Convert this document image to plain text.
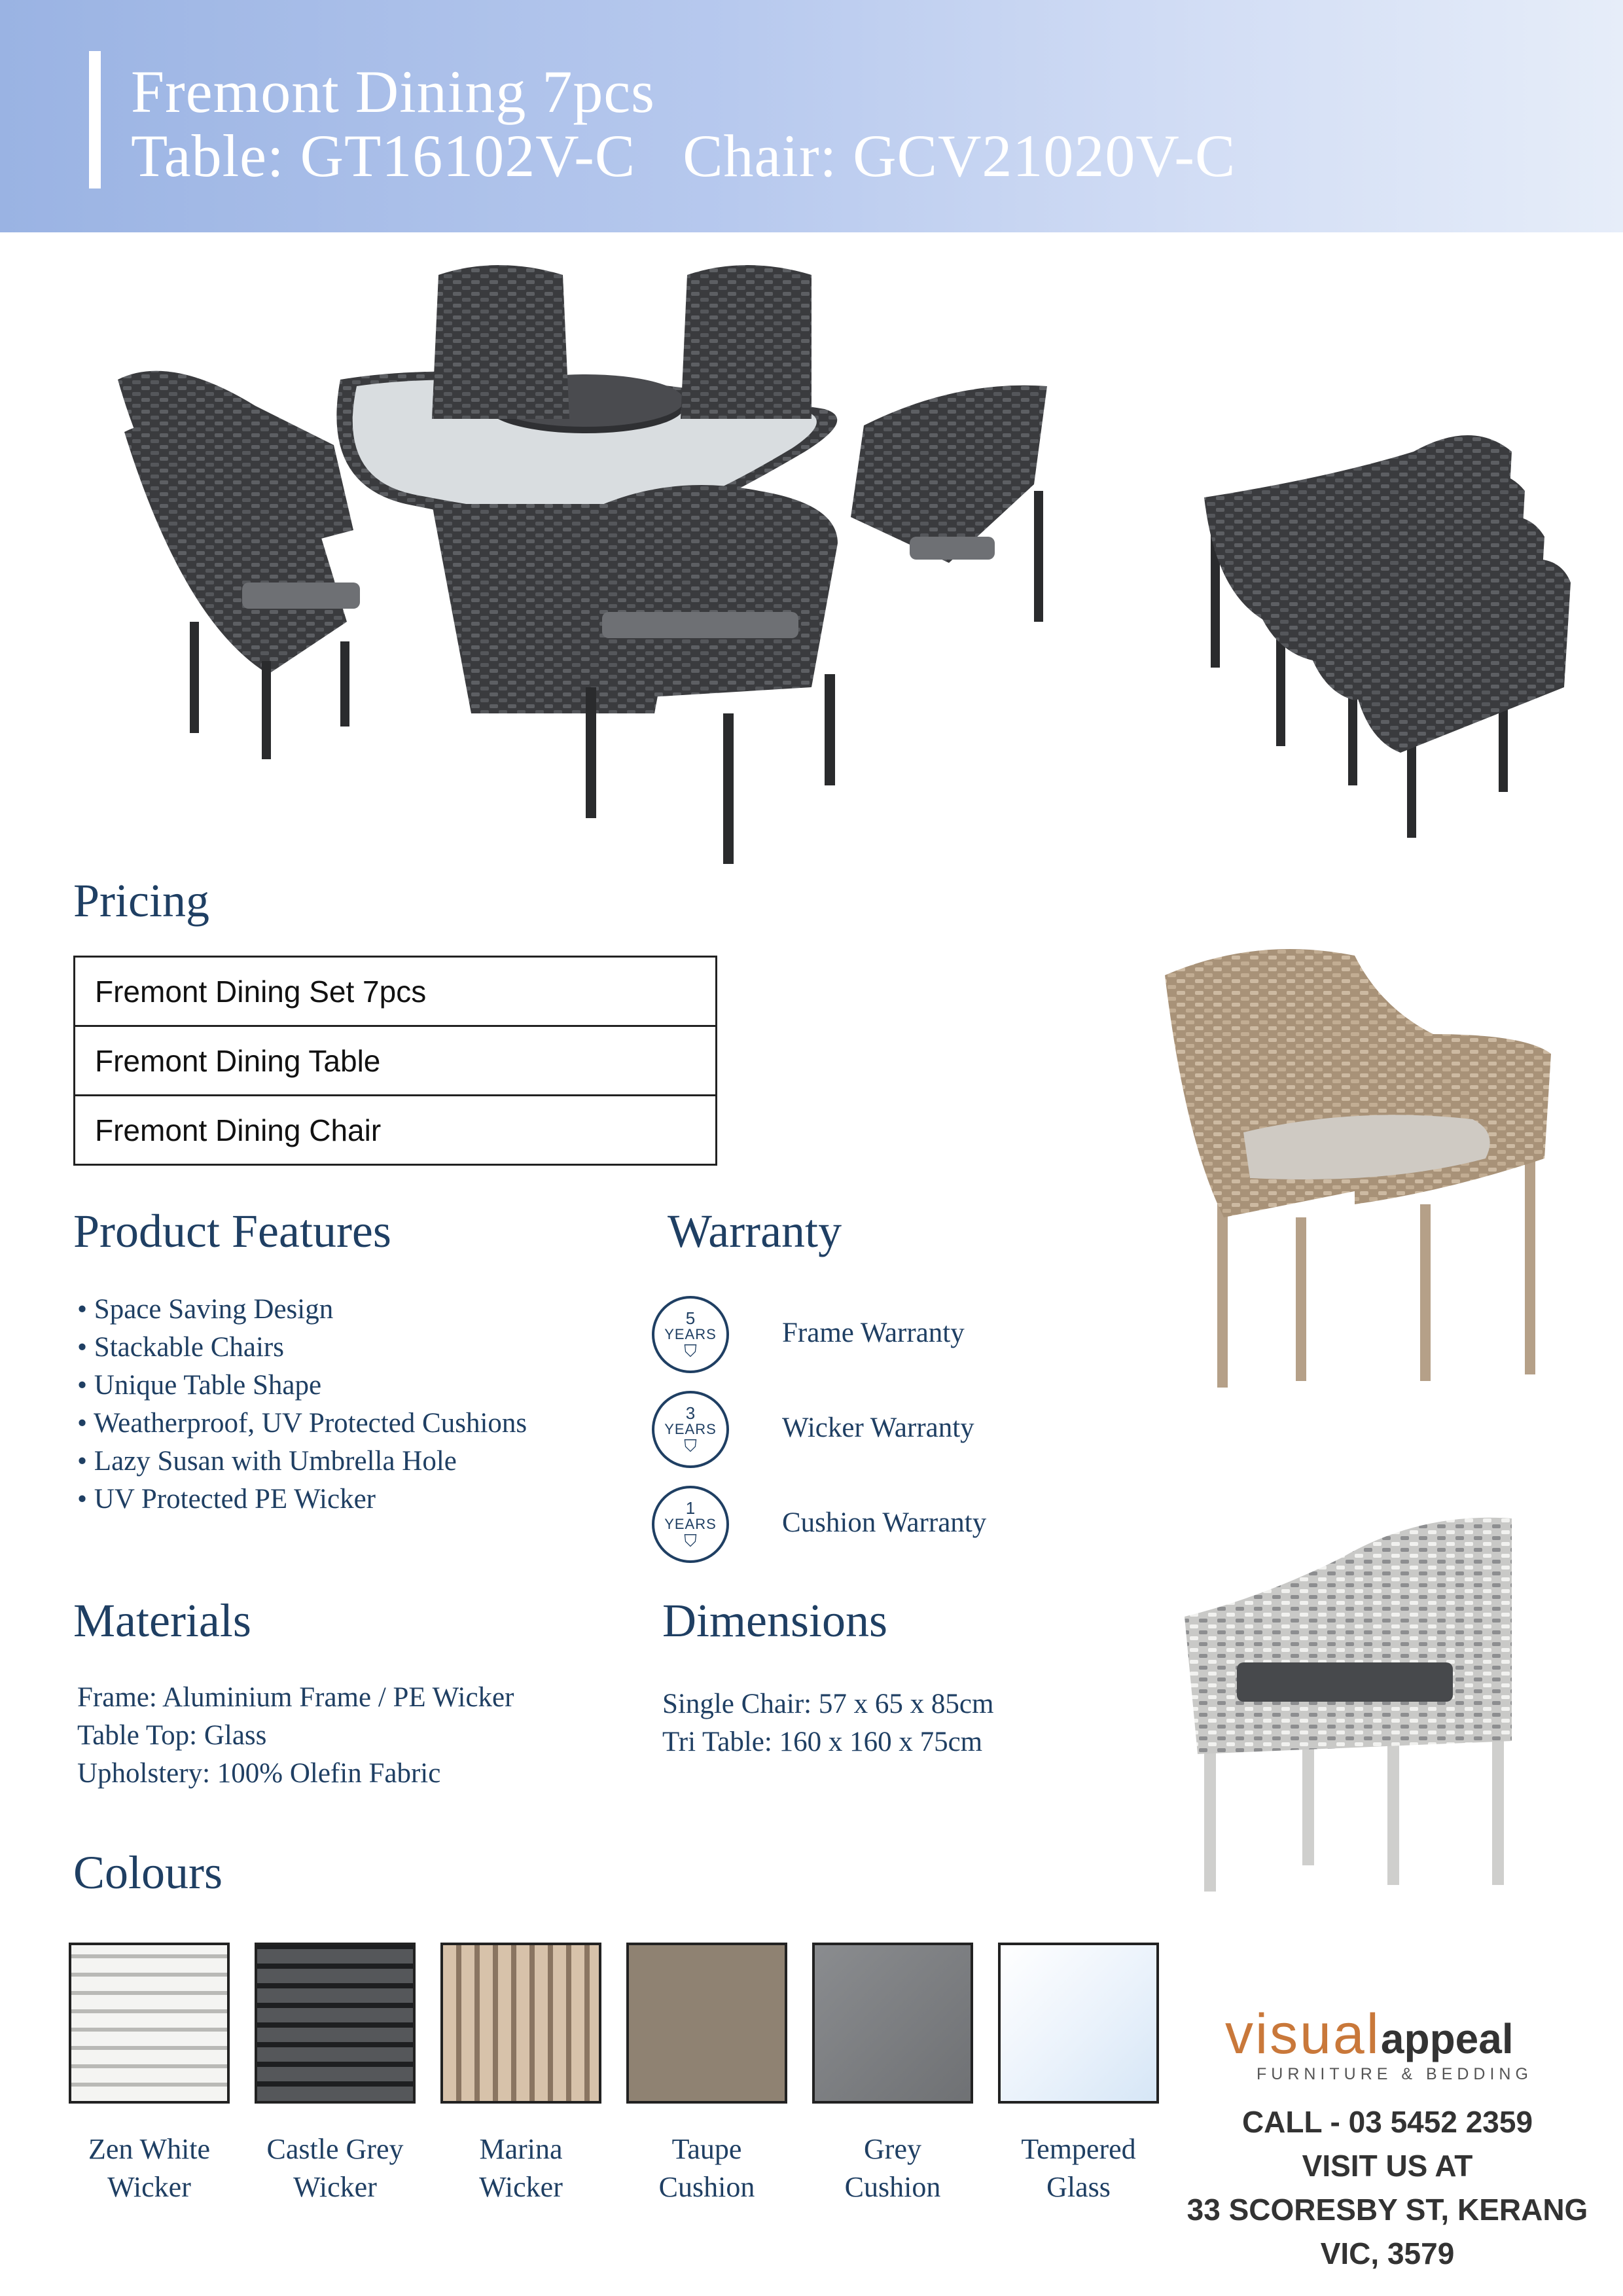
Fremont Dining 7pcs
Table: GT16102V-C   Chair: GCV21020V-C
Pricing
Fremont Dining Set 7pcs
Fremont Dining Table
Fremont Dining Chair
Product Features
• Space Saving Design
• Stackable Chairs
• Unique Table Shape
• Weatherproof, UV Protected Cushions
• Lazy Susan with Umbrella Hole
• UV Protected PE Wicker
Warranty
5
YEARS
⛉
Frame Warranty
3
YEARS
⛉
Wicker Warranty
1
YEARS
⛉
Cushion Warranty
Materials
Frame: Aluminium Frame / PE Wicker
Table Top: Glass
Upholstery: 100% Olefin Fabric
Dimensions
Single Chair: 57 x 65 x 85cm
Tri Table: 160 x 160 x 75cm
Colours
Zen White
Wicker
Castle Grey
Wicker
Marina
Wicker
Taupe
Cushion
Grey
Cushion
Tempered
Glass
visualappeal
FURNITURE & BEDDING
CALL - 03 5452 2359
VISIT US AT
33 SCORESBY ST, KERANG
VIC, 3579
